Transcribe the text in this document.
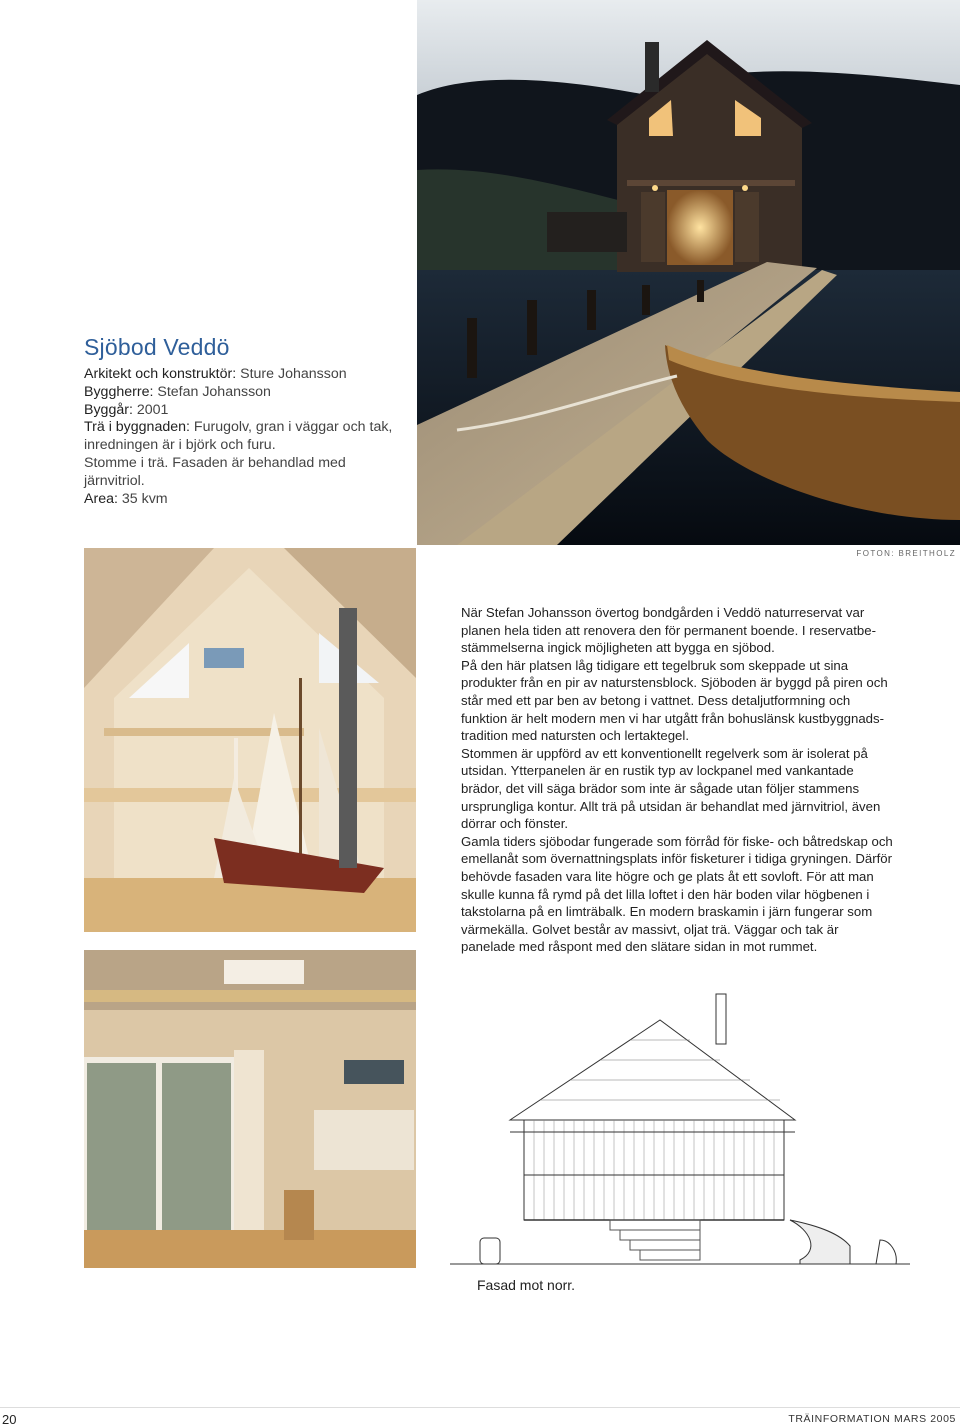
Sjöbod Veddö
Arkitekt och konstruktör: Sture Johansson
Byggherre: Stefan Johansson
Byggår: 2001
Trä i byggnaden: Furugolv, gran i väggar och tak, inredningen är i björk och furu.
Stomme i trä. Fasaden är behandlad med järnvitriol.
Area: 35 kvm
FOTON: BREITHOLZ

När Stefan Johansson övertog bondgården i Veddö naturreservat var planen hela tiden att renovera den för permanent boende. I reservatbestämmelserna ingick möjligheten att bygga en sjöbod.

På den här platsen låg tidigare ett tegelbruk som skeppade ut sina produkter från en pir av naturstensblock. Sjöboden är byggd på piren och står med ett par ben av betong i vattnet. Dess detaljutformning och funktion är helt modern men vi har utgått från bohuslänsk kustbyggnadstradition med natursten och lertaktegel.

Stommen är uppförd av ett konventionellt regelverk som är isolerat på utsidan. Ytterpanelen är en rustik typ av lockpanel med vankantade brädor, det vill säga brädor som inte är sågade utan följer stammens ursprungliga kontur. Allt trä på utsidan är behandlat med järnvitriol, även dörrar och fönster.

Gamla tiders sjöbodar fungerade som förråd för fiske- och båtredskap och emellanåt som övernattningsplats inför fisketurer i tidiga gryningen. Därför behövde fasaden vara lite högre och ge plats åt ett sovloft. För att man skulle kunna få rymd på det lilla loftet i den här boden vilar högbenen i takstolarna på en limträbalk. En modern braskamin i järn fungerar som värmekälla. Golvet består av massivt, oljat trä. Väggar och tak är panelade med råspont med den slätare sidan in mot rummet.

Fasad mot norr.
20	TRÄINFORMATION MARS 2005
